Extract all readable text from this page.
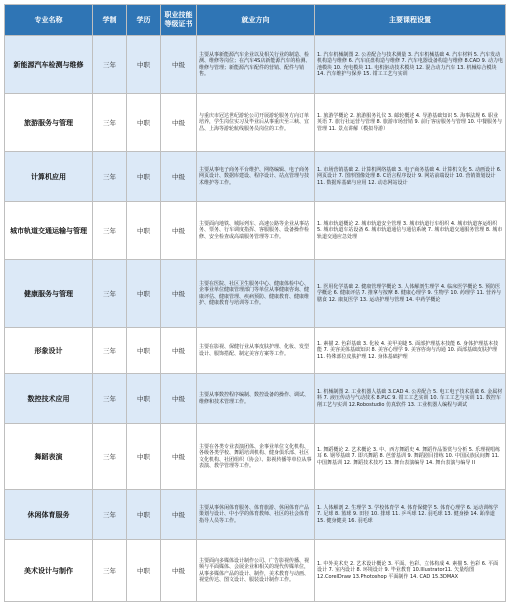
专业名称	学制	学历	职业技能等级证书	就业方向	主要课程设置
新能源汽车检测与维修	三年	中职	中级	主要从事新能源汽车企业以及相关行业的制造、检测、维修等岗位；在汽车4S店新能源汽车的检测、维修与管理；新能源汽车配件的营销、配件与销售。	1. 汽车机械制图 2. 公差配合与技术测量 3. 汽车机械基础 4. 汽车材料 5. 汽车发动机构造与维修 6. 汽车底盘构造与维修 7. 汽车电器设备构造与维修 8.CAD 9. 动力电池模块 10. 充电模块 11. 电机驱动技术模块 12. 混合动力汽车 13. 机械综合模块 14. 汽车维护与保养 15. 钳工工艺与实训
旅游服务与管理	三年	中职	中级	与重庆市冠达世纪游轮公司开展游轮服务方向订单培养，学生岗位实习及毕业后从事重庆至三峡、宜昌、上海等游轮航线服务员岗位的工作。	1. 旅游学概论 2. 旅游服务礼仪 3. 邮轮概述 4. 导游基础知识 5. 海事法规 6. 职业英语 7. 旅行社运营与管理 8. 旅游市场营销 9. 前厅客房服务与管理 10. 中餐服务与管理 11. 景点讲解（模拟导游）
计算机应用	三年	中职	中级	主要从事电子商务平台维护、网络编辑、电子商务网页设计、数据库建设、程序设计、站点管理与技术维护等工作。	1. 市场营销基础 2. 计算机网络基础 3. 电子商务基础 4. 计算机文化 5. 动画设计 6. 网页设计 7. 图形图像处理 8. C语言程序设计 9. 网站前端设计 10. 营销策划设计 11. 数据库基础与应用 12. 动态网站设计
城市轨道交通运输与管理	三年	中职	中级	主要面向地铁、城际列车、高速公路等企业从事站务、票务、行车调度指挥、客服服务、设备操作检修、安全检查或高端服务管理等工作。	1. 城市轨道概论 2. 城市轨道安全管理 3. 城市轨道行车组织 4. 城市轨道客运组织 5. 城市轨道车站设备 6. 城市轨道通信与通信系统 7. 城市轨道交通服务管理 8. 城市轨道交通应急处理
健康服务与管理	三年	中职	中级	主要在医院、社区卫生服务中心、健康体检中心、企事业单位健康管理部门等单位从事健康咨询、健康评估、健康管理、疾病预防、健康教育、健康维护、健康教育与培训等工作。	1. 医用化学基础 2. 健康管理学概论 3. 人体解剖生理学 4. 临床医学概论 5. 预防医学概论 6. 健康评估 7. 推拿与按摩 8. 健康心理学 9. 生物学 10. 药理学 11. 营养与膳食 12. 康复医学 13. 运动护理与管理 14. 中药学概论
形象设计	三年	中职	中级	主要在影视、保健行业从事皮肤护理、化妆、发型设计、服饰搭配、制定美容方案等工作。	1. 素描 2. 色彩基础 3. 化妆 4. 美甲美睫 5. 面部护理基本技能 6. 身体护理基本技能 7. 美容美体基础知识 8. 美容心理学 9. 美容咨询与沟通 10. 面部基础皮肤护理 11. 特殊部位皮肤护理 12. 身体基础护理
数控技术应用	三年	中职	中级	主要从事数控程序编制、数控设备的操作、调试、维修和技术管理工作。	1. 机械制图 2. 工业机器人基础 3.CAD 4. 公差配合 5. 电工电子技术基础 6. 金属材料 7. 液压传动与气动技术 8.PLC 9. 钳工工艺实训 10. 车工工艺与实训 11. 数控车削工艺与实训 12.Robostudio 仿真软件 13. 工业机器人编程与调试
舞蹈表演	三年	中职	中级	主要在各类专业表演团体、企事业单位文化机构、各级各类学校、舞蹈培训机构、健身俱乐部、社区文化机构、社团组织（协会）、影视传播等单位从事表演、教学管理等工作。	1. 舞蹈概论 2. 艺术概论 3. 中、西方舞蹈史 4. 舞蹈作品鉴赏与分析 5. 乐理视唱练耳 6. 钢琴基础 7. 即兴舞蹈 8. 芭蕾基训 9. 舞蹈剧目排练 10. 中国民族民间舞 11. 中国舞基训 12. 舞蹈技术技巧 13. 舞台表演编导 14. 舞台表演与编导 II
休闲体育服务	三年	中职	中级	主要从事休闲体育服务、体育旅游、休闲体育产品策划与设计、中小学的体育教师、社区的社会体育指导人员等工作。	1. 人体解剖 2. 生理学 3. 学校体育学 4. 体育保健学 5. 体育心理学 6. 运动训练学 7. 足球 8. 篮球 9. 田径 10. 排球 11. 乒乓球 12. 羽毛球 13. 健身操 14. 跆拳道 15. 健身健美 16. 羽毛球
美术设计与制作	三年	中职	中级	主要面向多媒体设计制作公司、广告影视传播、视频与平面媒体、会展企业和相关的现代传媒单位，从事多媒体产品的设计、制作，美术教育与动画、视觉传达、图文设计、服装设计制作工作。	1. 中外美术史 2. 艺术设计概论 3. 平面、色彩、立体构成 4. 素描 5. 色彩 6. 平面设计 7. 室内设计 8. 环境设计 9. 毕业教育 10.Illustrator11. 矢量绘图 12.CorelDraw 13.Photoshop 平面制作 14. CAD 15.3DMAX
